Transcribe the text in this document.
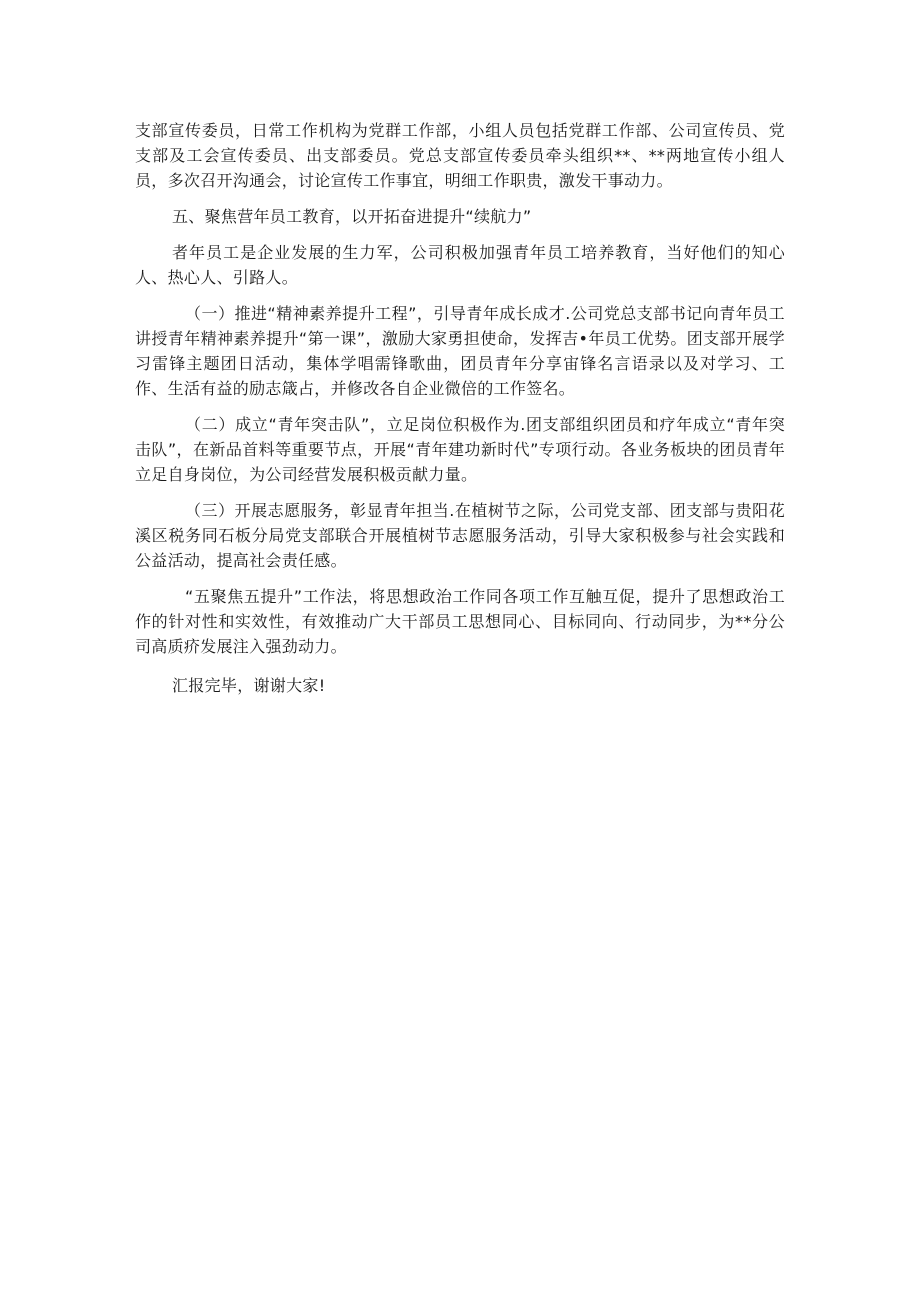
支部宣传委员，日常工作机构为党群工作部，小组人员包括党群工作部、公司宣传员、党支部及工会宣传委员、出支部委员。党总支部宣传委员牵头组织**、**两地宣传小组人员，多次召开沟通会，讨论宣传工作事宜，明细工作职贵，激发干事动力。

五、聚焦营年员工教育，以开拓奋进提升“续航力”

者年员工是企业发展的生力军，公司积极加强青年员工培养教育，当好他们的知心人、热心人、引路人。

（一）推进“精神素养提升工程”，引导青年成长成才.公司党总支部书记向青年员工讲授青年精神素养提升“第一课”，激励大家勇担使命，发挥吉•年员工优势。团支部开展学习雷锋主题团日活动，集体学唱需锋歌曲，团员青年分享宙锋名言语录以及对学习、工作、生活有益的励志箴占，并修改各自企业微倍的工作签名。

（二）成立“青年突击队”，立足岗位积极作为.团支部组织团员和疗年成立“青年突击队”，在新品首料等重要节点，开展“青年建功新时代”专项行动。各业务板块的团员青年立足自身岗位，为公司经营发展积极贡献力量。

（三）开展志愿服务，彰显青年担当.在植树节之际，公司党支部、团支部与贵阳花溪区税务同石板分局党支部联合开展植树节志愿服务活动，引导大家积极参与社会实践和公益活动，提高社会责任感。

“五聚焦五提升”工作法，将思想政治工作同各项工作互触互促，提升了思想政治工作的针对性和实效性，有效推动广大干部员工思想同心、目标同向、行动同步，为**分公司高质疥发展注入强劲动力。

汇报完毕，谢谢大家!
